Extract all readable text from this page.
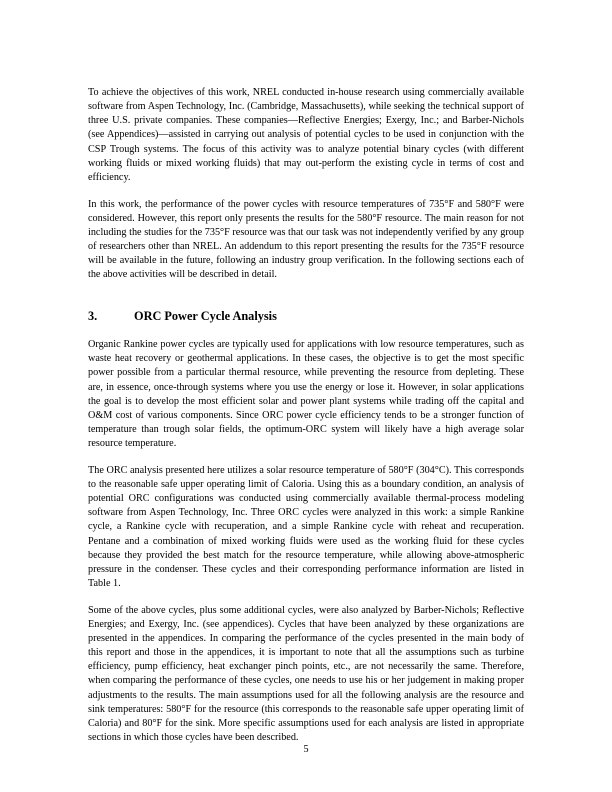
To achieve the objectives of this work, NREL conducted in-house research using commercially available software from Aspen Technology, Inc. (Cambridge, Massachusetts), while seeking the technical support of three U.S. private companies. These companies—Reflective Energies; Exergy, Inc.; and Barber-Nichols (see Appendices)—assisted in carrying out analysis of potential cycles to be used in conjunction with the CSP Trough systems. The focus of this activity was to analyze potential binary cycles (with different working fluids or mixed working fluids) that may out-perform the existing cycle in terms of cost and efficiency.

In this work, the performance of the power cycles with resource temperatures of 735°F and 580°F were considered. However, this report only presents the results for the 580°F resource. The main reason for not including the studies for the 735°F resource was that our task was not independently verified by any group of researchers other than NREL. An addendum to this report presenting the results for the 735°F resource will be available in the future, following an industry group verification. In the following sections each of the above activities will be described in detail.

3.	ORC Power Cycle Analysis

Organic Rankine power cycles are typically used for applications with low resource temperatures, such as waste heat recovery or geothermal applications. In these cases, the objective is to get the most specific power possible from a particular thermal resource, while preventing the resource from depleting. These are, in essence, once-through systems where you use the energy or lose it. However, in solar applications the goal is to develop the most efficient solar and power plant systems while trading off the capital and O&M cost of various components. Since ORC power cycle efficiency tends to be a stronger function of temperature than trough solar fields, the optimum-ORC system will likely have a high average solar resource temperature.

The ORC analysis presented here utilizes a solar resource temperature of 580°F (304°C). This corresponds to the reasonable safe upper operating limit of Caloria. Using this as a boundary condition, an analysis of potential ORC configurations was conducted using commercially available thermal-process modeling software from Aspen Technology, Inc. Three ORC cycles were analyzed in this work: a simple Rankine cycle, a Rankine cycle with recuperation, and a simple Rankine cycle with reheat and recuperation. Pentane and a combination of mixed working fluids were used as the working fluid for these cycles because they provided the best match for the resource temperature, while allowing above-atmospheric pressure in the condenser. These cycles and their corresponding performance information are listed in Table 1.

Some of the above cycles, plus some additional cycles, were also analyzed by Barber-Nichols; Reflective Energies; and Exergy, Inc. (see appendices). Cycles that have been analyzed by these organizations are presented in the appendices. In comparing the performance of the cycles presented in the main body of this report and those in the appendices, it is important to note that all the assumptions such as turbine efficiency, pump efficiency, heat exchanger pinch points, etc., are not necessarily the same. Therefore, when comparing the performance of these cycles, one needs to use his or her judgement in making proper adjustments to the results. The main assumptions used for all the following analysis are the resource and sink temperatures: 580°F for the resource (this corresponds to the reasonable safe upper operating limit of Caloria) and 80°F for the sink. More specific assumptions used for each analysis are listed in appropriate sections in which those cycles have been described.

5
